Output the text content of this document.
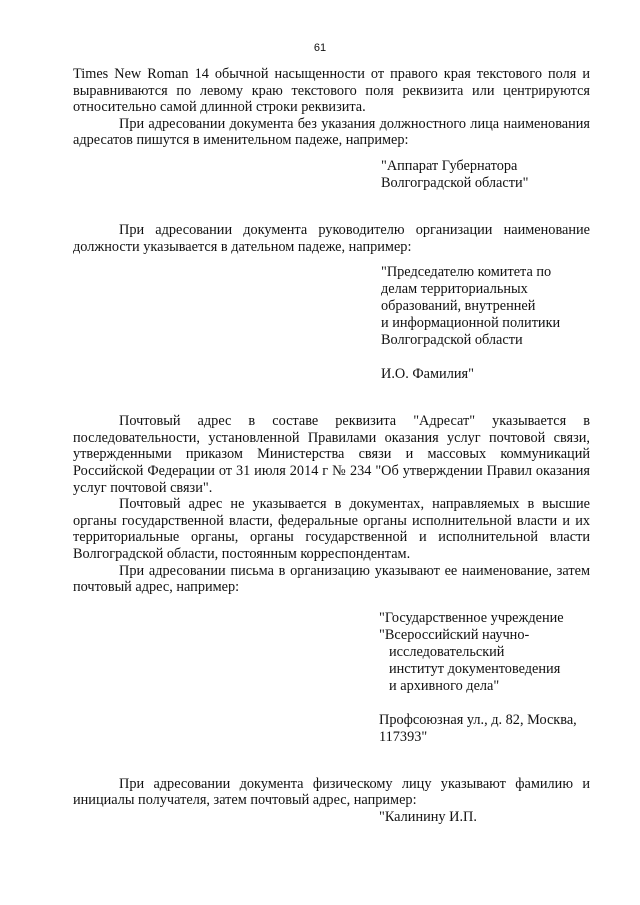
61

Times New Roman 14 обычной насыщенности от правого края текстового поля и выравниваются по левому краю текстового поля реквизита или центрируются относительно самой длинной строки реквизита.

При адресовании документа без указания должностного лица наименования адресатов пишутся в именительном падеже, например:

"Аппарат Губернатора

Волгоградской области"

При адресовании документа руководителю организации наименование должности указывается в дательном падеже, например:

"Председателю комитета по

делам территориальных

образований, внутренней

и информационной политики

Волгоградской области

И.О. Фамилия"

Почтовый адрес в составе реквизита "Адресат" указывается в последовательности, установленной Правилами оказания услуг почтовой связи, утвержденными приказом Министерства связи и массовых коммуникаций Российской Федерации от 31 июля 2014 г № 234 "Об утверждении Правил оказания услуг почтовой связи".

Почтовый адрес не указывается в документах, направляемых в высшие органы государственной власти, федеральные органы исполнительной власти и их территориальные органы, органы государственной и исполнительной власти Волгоградской области, постоянным корреспондентам.

При адресовании письма в организацию указывают ее наименование, затем почтовый адрес, например:

"Государственное учреждение

"Всероссийский научно-

исследовательский

институт документоведения

и архивного дела"

Профсоюзная ул., д. 82, Москва,

117393"

При адресовании документа физическому лицу указывают фамилию и инициалы получателя, затем почтовый адрес, например:

"Калинину И.П.
